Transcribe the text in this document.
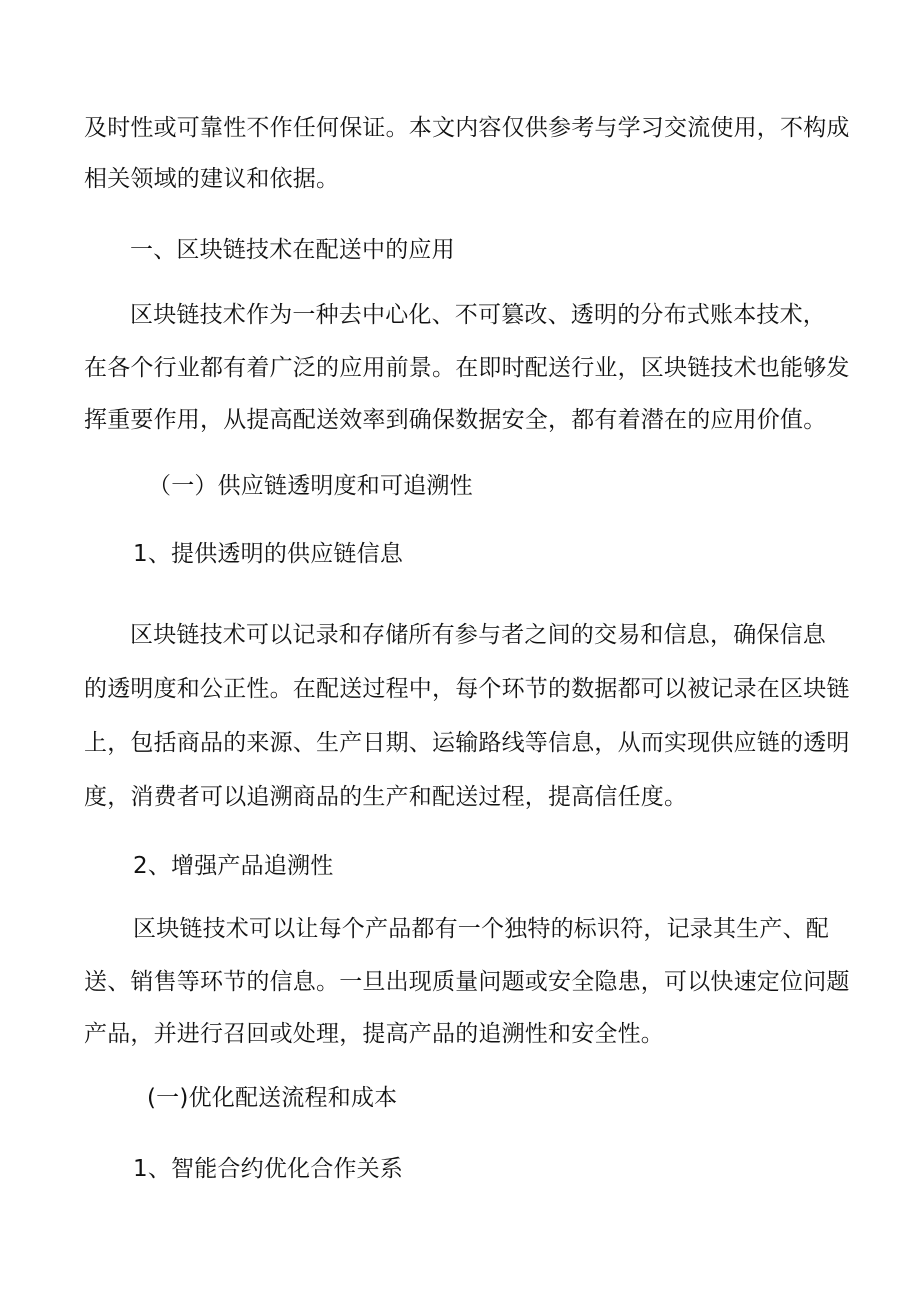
及时性或可靠性不作任何保证。本文内容仅供参考与学习交流使用，不构成
相关领域的建议和依据。
一、区块链技术在配送中的应用
区块链技术作为一种去中心化、不可篡改、透明的分布式账本技术，
在各个行业都有着广泛的应用前景。在即时配送行业，区块链技术也能够发
挥重要作用，从提高配送效率到确保数据安全，都有着潜在的应用价值。
（一）供应链透明度和可追溯性
1、提供透明的供应链信息
区块链技术可以记录和存储所有参与者之间的交易和信息，确保信息
的透明度和公正性。在配送过程中，每个环节的数据都可以被记录在区块链
上，包括商品的来源、生产日期、运输路线等信息，从而实现供应链的透明
度，消费者可以追溯商品的生产和配送过程，提高信任度。
2、增强产品追溯性
区块链技术可以让每个产品都有一个独特的标识符，记录其生产、配
送、销售等环节的信息。一旦出现质量问题或安全隐患，可以快速定位问题
产品，并进行召回或处理，提高产品的追溯性和安全性。
(一)优化配送流程和成本
1、智能合约优化合作关系
